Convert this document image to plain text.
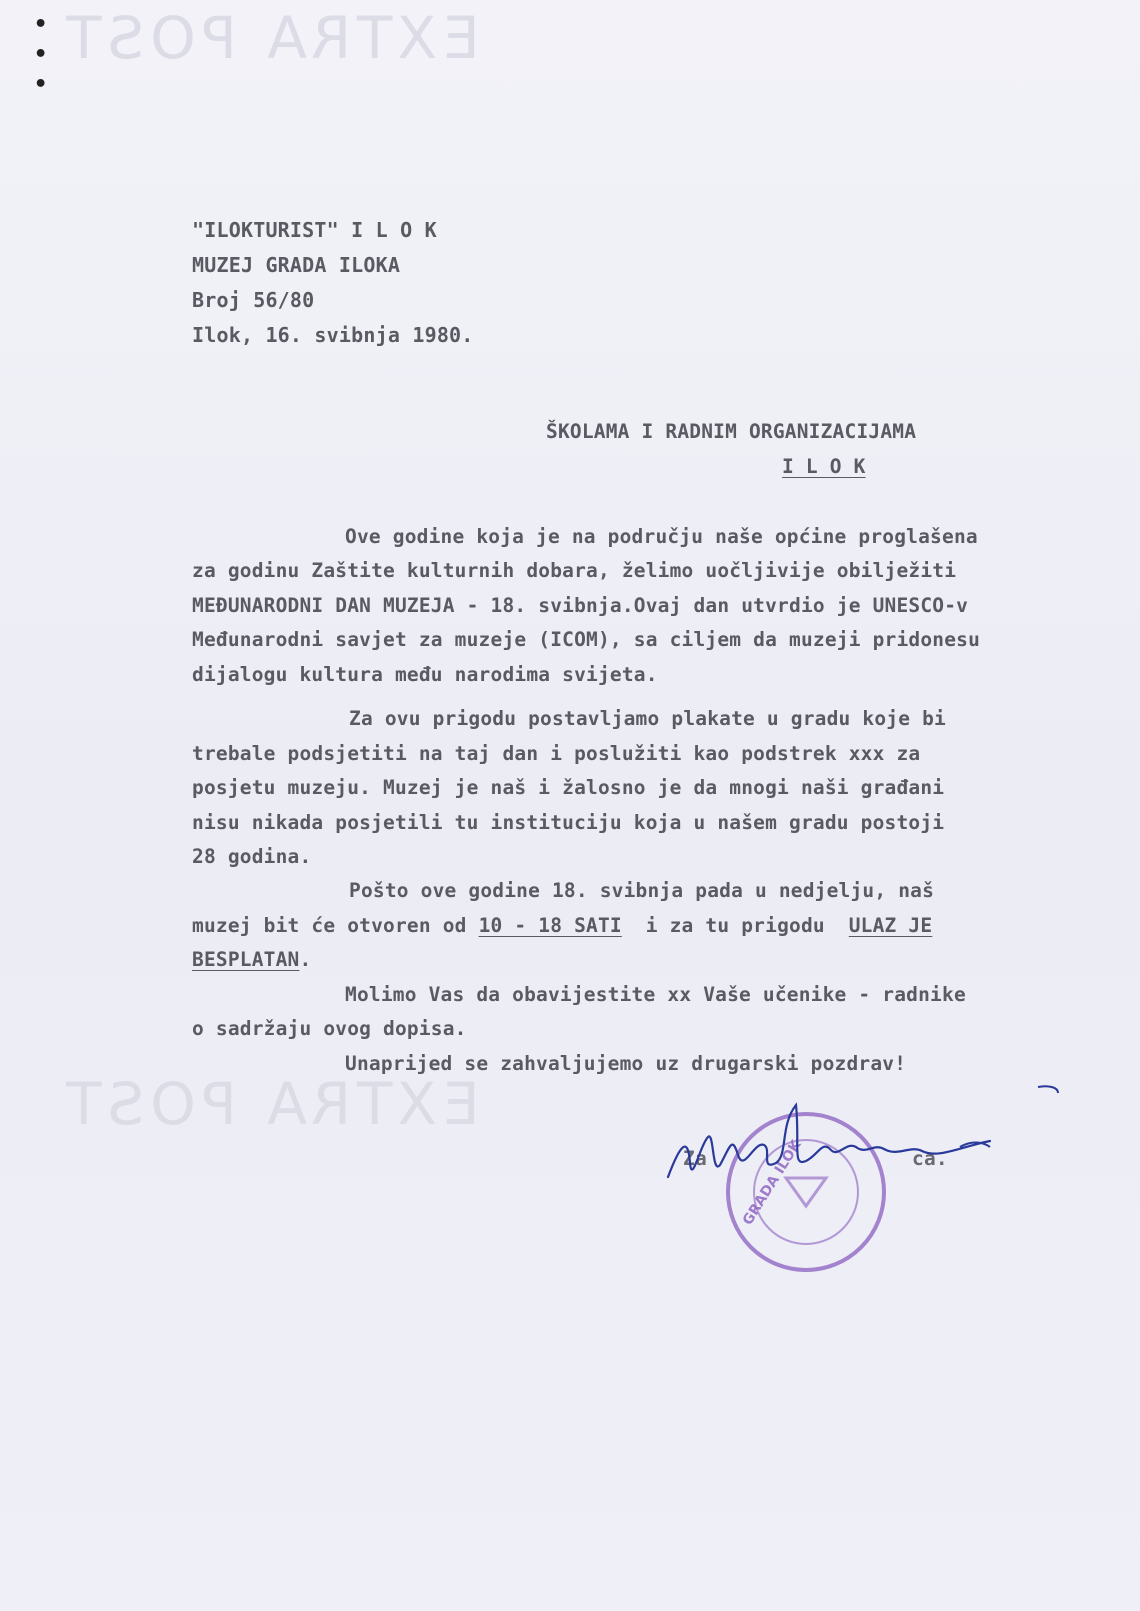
•
•
•
EXTRA POST
EXTRA POST
"ILOKTURIST" I L O K
MUZEJ GRADA ILOKA
Broj 56/80
Ilok, 16. svibnja 1980.
ŠKOLAMA I RADNIM ORGANIZACIJAMA
I L O K
Ove godine koja je na području naše općine proglašena
za godinu Zaštite kulturnih dobara, želimo uočljivije obilježiti
MEĐUNARODNI DAN MUZEJA - 18. svibnja.Ovaj dan utvrdio je UNESCO-v
Međunarodni savjet za muzeje (ICOM), sa ciljem da muzeji pridonesu
dijalogu kultura među narodima svijeta.
Za ovu prigodu postavljamo plakate u gradu koje bi
trebale podsjetiti na taj dan i poslužiti kao podstrek xxx za
posjetu muzeju. Muzej je naš i žalosno je da mnogi naši građani
nisu nikada posjetili tu instituciju koja u našem gradu postoji
28 godina.
Pošto ove godine 18. svibnja pada u nedjelju, naš
muzej bit će otvoren od 10 - 18 SATI  i za tu prigodu  ULAZ JE
BESPLATAN.
Molimo Vas da obavijestite xx Vaše učenike - radnike
o sadržaju ovog dopisa.
Unaprijed se zahvaljujemo uz drugarski pozdrav!
Za	ca.
GRADA ILOK
